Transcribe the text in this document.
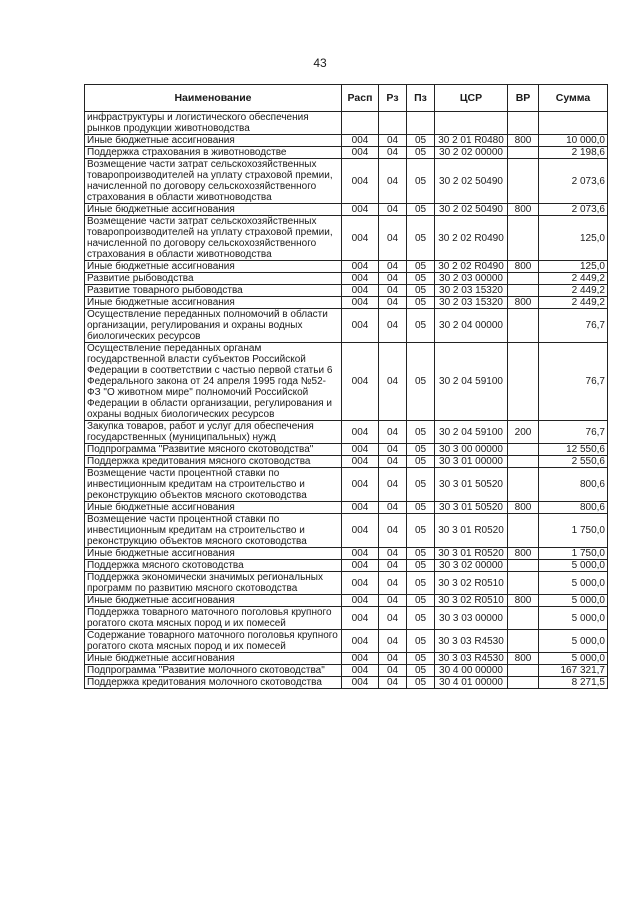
43
Наименование	Расп	Рз	Пз	ЦСР	ВР	Сумма
инфраструктуры и логистического обеспечения рынков продукции животноводства						
Иные бюджетные ассигнования	004	04	05	30 2 01 R0480	800	10 000,0
Поддержка страхования в животноводстве	004	04	05	30 2 02 00000		2 198,6
Возмещение части затрат сельскохозяйственных товаропроизводителей на уплату страховой премии, начисленной по договору сельскохозяйственного страхования в области животноводства	004	04	05	30 2 02 50490		2 073,6
Иные бюджетные ассигнования	004	04	05	30 2 02 50490	800	2 073,6
Возмещение части затрат сельскохозяйственных товаропроизводителей на уплату страховой премии, начисленной по договору сельскохозяйственного страхования в области животноводства	004	04	05	30 2 02 R0490		125,0
Иные бюджетные ассигнования	004	04	05	30 2 02 R0490	800	125,0
Развитие рыбоводства	004	04	05	30 2 03 00000		2 449,2
Развитие товарного рыбоводства	004	04	05	30 2 03 15320		2 449,2
Иные бюджетные ассигнования	004	04	05	30 2 03 15320	800	2 449,2
Осуществление переданных полномочий в области организации, регулирования и охраны водных биологических ресурсов	004	04	05	30 2 04 00000		76,7
Осуществление переданных органам государственной власти субъектов Российской Федерации в соответствии с частью первой статьи 6 Федерального закона от 24 апреля 1995 года №52-ФЗ "О животном мире" полномочий Российской Федерации в области организации, регулирования и охраны водных биологических ресурсов	004	04	05	30 2 04 59100		76,7
Закупка товаров, работ и услуг для обеспечения государственных (муниципальных) нужд	004	04	05	30 2 04 59100	200	76,7
Подпрограмма "Развитие мясного скотоводства"	004	04	05	30 3 00 00000		12 550,6
Поддержка кредитования мясного скотоводства	004	04	05	30 3 01 00000		2 550,6
Возмещение части процентной ставки по инвестиционным кредитам на строительство и реконструкцию объектов мясного скотоводства	004	04	05	30 3 01 50520		800,6
Иные бюджетные ассигнования	004	04	05	30 3 01 50520	800	800,6
Возмещение части процентной ставки по инвестиционным кредитам на строительство и реконструкцию объектов мясного скотоводства	004	04	05	30 3 01 R0520		1 750,0
Иные бюджетные ассигнования	004	04	05	30 3 01 R0520	800	1 750,0
Поддержка мясного скотоводства	004	04	05	30 3 02 00000		5 000,0
Поддержка экономически значимых региональных программ по развитию мясного скотоводства	004	04	05	30 3 02 R0510		5 000,0
Иные бюджетные ассигнования	004	04	05	30 3 02 R0510	800	5 000,0
Поддержка товарного маточного поголовья крупного рогатого скота мясных пород и их помесей	004	04	05	30 3 03 00000		5 000,0
Содержание товарного маточного поголовья крупного рогатого скота мясных пород и их помесей	004	04	05	30 3 03 R4530		5 000,0
Иные бюджетные ассигнования	004	04	05	30 3 03 R4530	800	5 000,0
Подпрограмма "Развитие молочного скотоводства"	004	04	05	30 4 00 00000		167 321,7
Поддержка кредитования молочного скотоводства	004	04	05	30 4 01 00000		8 271,5
